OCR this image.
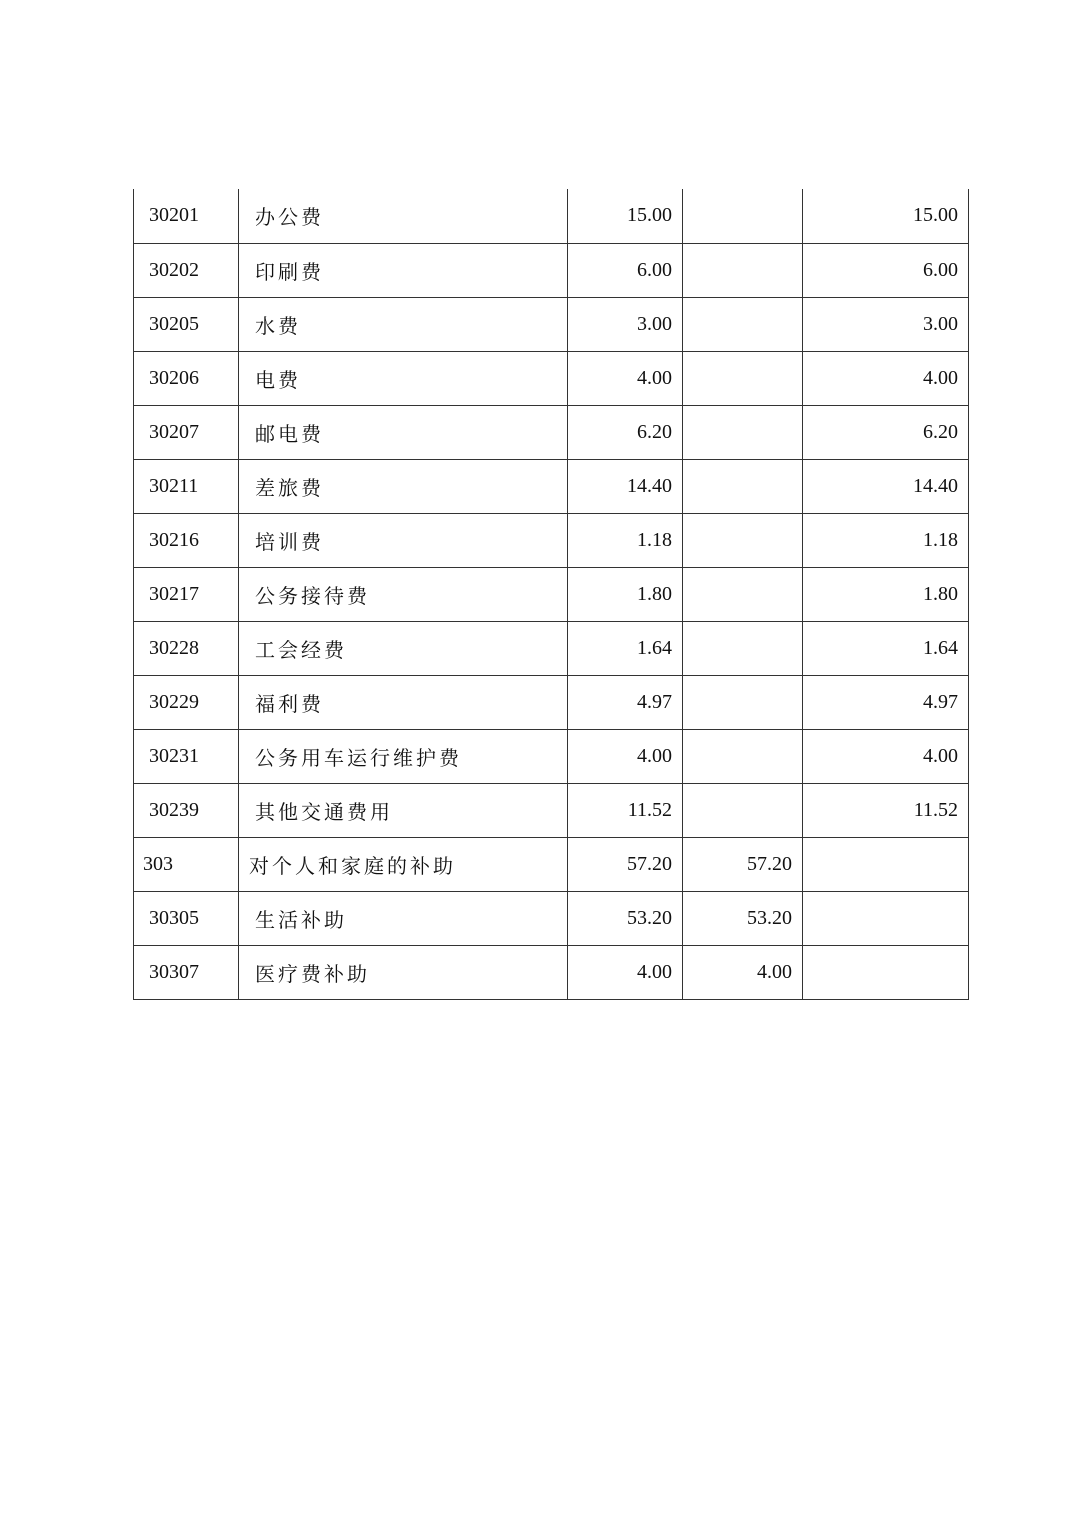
30201	办公费	15.00		15.00
30202	印刷费	6.00		6.00
30205	水费	3.00		3.00
30206	电费	4.00		4.00
30207	邮电费	6.20		6.20
30211	差旅费	14.40		14.40
30216	培训费	1.18		1.18
30217	公务接待费	1.80		1.80
30228	工会经费	1.64		1.64
30229	福利费	4.97		4.97
30231	公务用车运行维护费	4.00		4.00
30239	其他交通费用	11.52		11.52
303	对个人和家庭的补助	57.20	57.20	
30305	生活补助	53.20	53.20	
30307	医疗费补助	4.00	4.00	
